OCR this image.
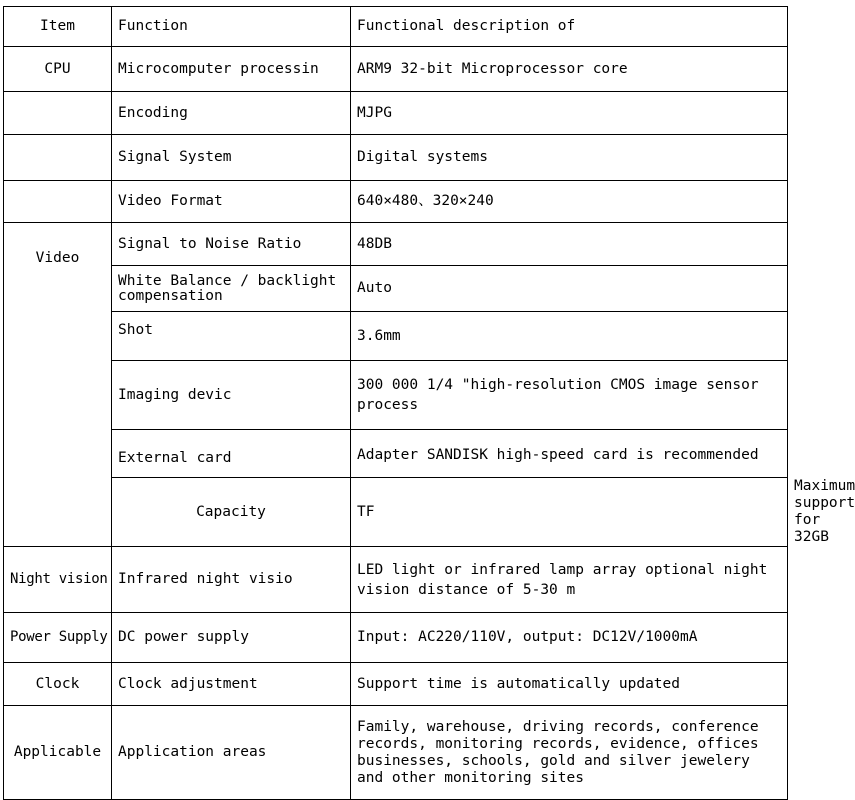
Item	Function	Functional description of	
CPU	Microcomputer processin	ARM9 32-bit Microprocessor core	
	Encoding	MJPG	
	Signal System	Digital systems	
	Video Format	640×480、320×240	
Video	Signal to Noise Ratio	48DB	
	White Balance / backlight compensation	Auto	
	Shot	3.6mm	
	Imaging devic	300 000 1/4 "high-resolution CMOS image sensor process	
	External card	Adapter SANDISK high-speed card is recommended	
	Capacity	TF	Maximum support for 32GB
Night vision	Infrared night visio	LED light or infrared lamp array optional night vision distance of 5-30 m	
Power Supply	DC power supply	Input: AC220/110V, output: DC12V/1000mA	
Clock	Clock adjustment	Support time is automatically updated	
Applicable	Application areas	Family, warehouse, driving records, conference records, monitoring records, evidence, offices businesses, schools, gold and silver jewelery and other monitoring sites	
